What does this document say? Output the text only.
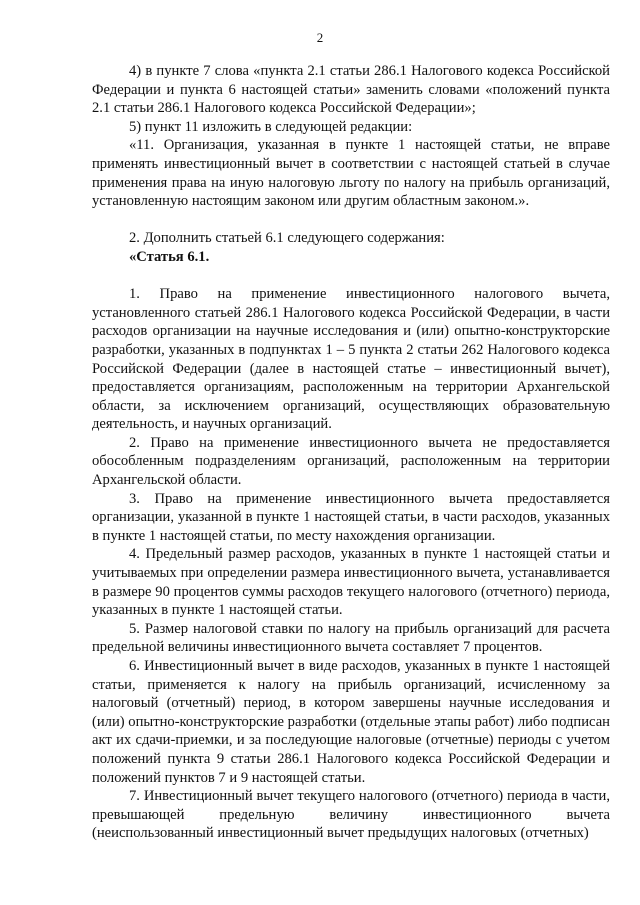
2

4) в пункте 7 слова «пункта 2.1 статьи 286.1 Налогового кодекса Российской Федерации и пункта 6 настоящей статьи» заменить словами «положений пункта 2.1 статьи 286.1 Налогового кодекса Российской Федерации»;

5) пункт 11 изложить в следующей редакции:

«11. Организация, указанная в пункте 1 настоящей статьи, не вправе применять инвестиционный вычет в соответствии с настоящей статьей в случае применения права на иную налоговую льготу по налогу на прибыль организаций, установленную настоящим законом или другим областным законом.».

2. Дополнить статьей 6.1 следующего содержания:

«Статья 6.1.

1. Право на применение инвестиционного налогового вычета, установленного статьей 286.1 Налогового кодекса Российской Федерации, в части расходов организации на научные исследования и (или) опытно-конструкторские разработки, указанных в подпунктах 1 – 5 пункта 2 статьи 262 Налогового кодекса Российской Федерации (далее в настоящей статье – инвестиционный вычет), предоставляется организациям, расположенным на территории Архангельской области, за исключением организаций, осуществляющих образовательную деятельность, и научных организаций.

2. Право на применение инвестиционного вычета не предоставляется обособленным подразделениям организаций, расположенным на территории Архангельской области.

3. Право на применение инвестиционного вычета предоставляется организации, указанной в пункте 1 настоящей статьи, в части расходов, указанных в пункте 1 настоящей статьи, по месту нахождения организации.

4. Предельный размер расходов, указанных в пункте 1 настоящей статьи и учитываемых при определении размера инвестиционного вычета, устанавливается в размере 90 процентов суммы расходов текущего налогового (отчетного) периода, указанных в пункте 1 настоящей статьи.

5. Размер налоговой ставки по налогу на прибыль организаций для расчета предельной величины инвестиционного вычета составляет 7 процентов.

6. Инвестиционный вычет в виде расходов, указанных в пункте 1 настоящей статьи, применяется к налогу на прибыль организаций, исчисленному за налоговый (отчетный) период, в котором завершены научные исследования и (или) опытно-конструкторские разработки (отдельные этапы работ) либо подписан акт их сдачи-приемки, и за последующие налоговые (отчетные) периоды с учетом положений пункта 9 статьи 286.1 Налогового кодекса Российской Федерации и положений пунктов 7 и 9 настоящей статьи.

7. Инвестиционный вычет текущего налогового (отчетного) периода в части, превышающей предельную величину инвестиционного вычета (неиспользованный инвестиционный вычет предыдущих налоговых (отчетных)
